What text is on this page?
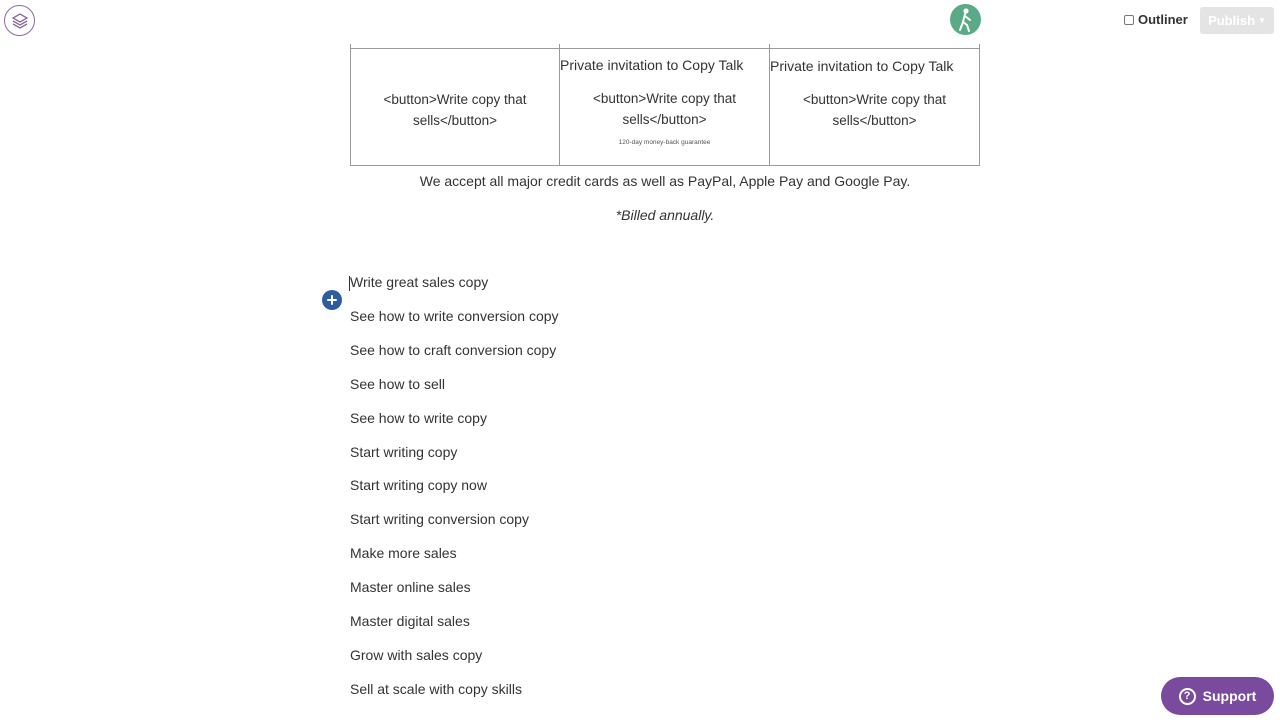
Outliner Publish ▼
<button>Write copy that sells</button>
Private invitation to Copy Talk
<button>Write copy that sells</button>
120-day money-back guarantee
Private invitation to Copy Talk
<button>Write copy that sells</button>

We accept all major credit cards as well as PayPal, Apple Pay and Google Pay.

*Billed annually.

Write great sales copy

See how to write conversion copy

See how to craft conversion copy

See how to sell

See how to write copy

Start writing copy

Start writing copy now

Start writing conversion copy

Make more sales

Master online sales

Master digital sales

Grow with sales copy

Sell at scale with copy skills	? Support
